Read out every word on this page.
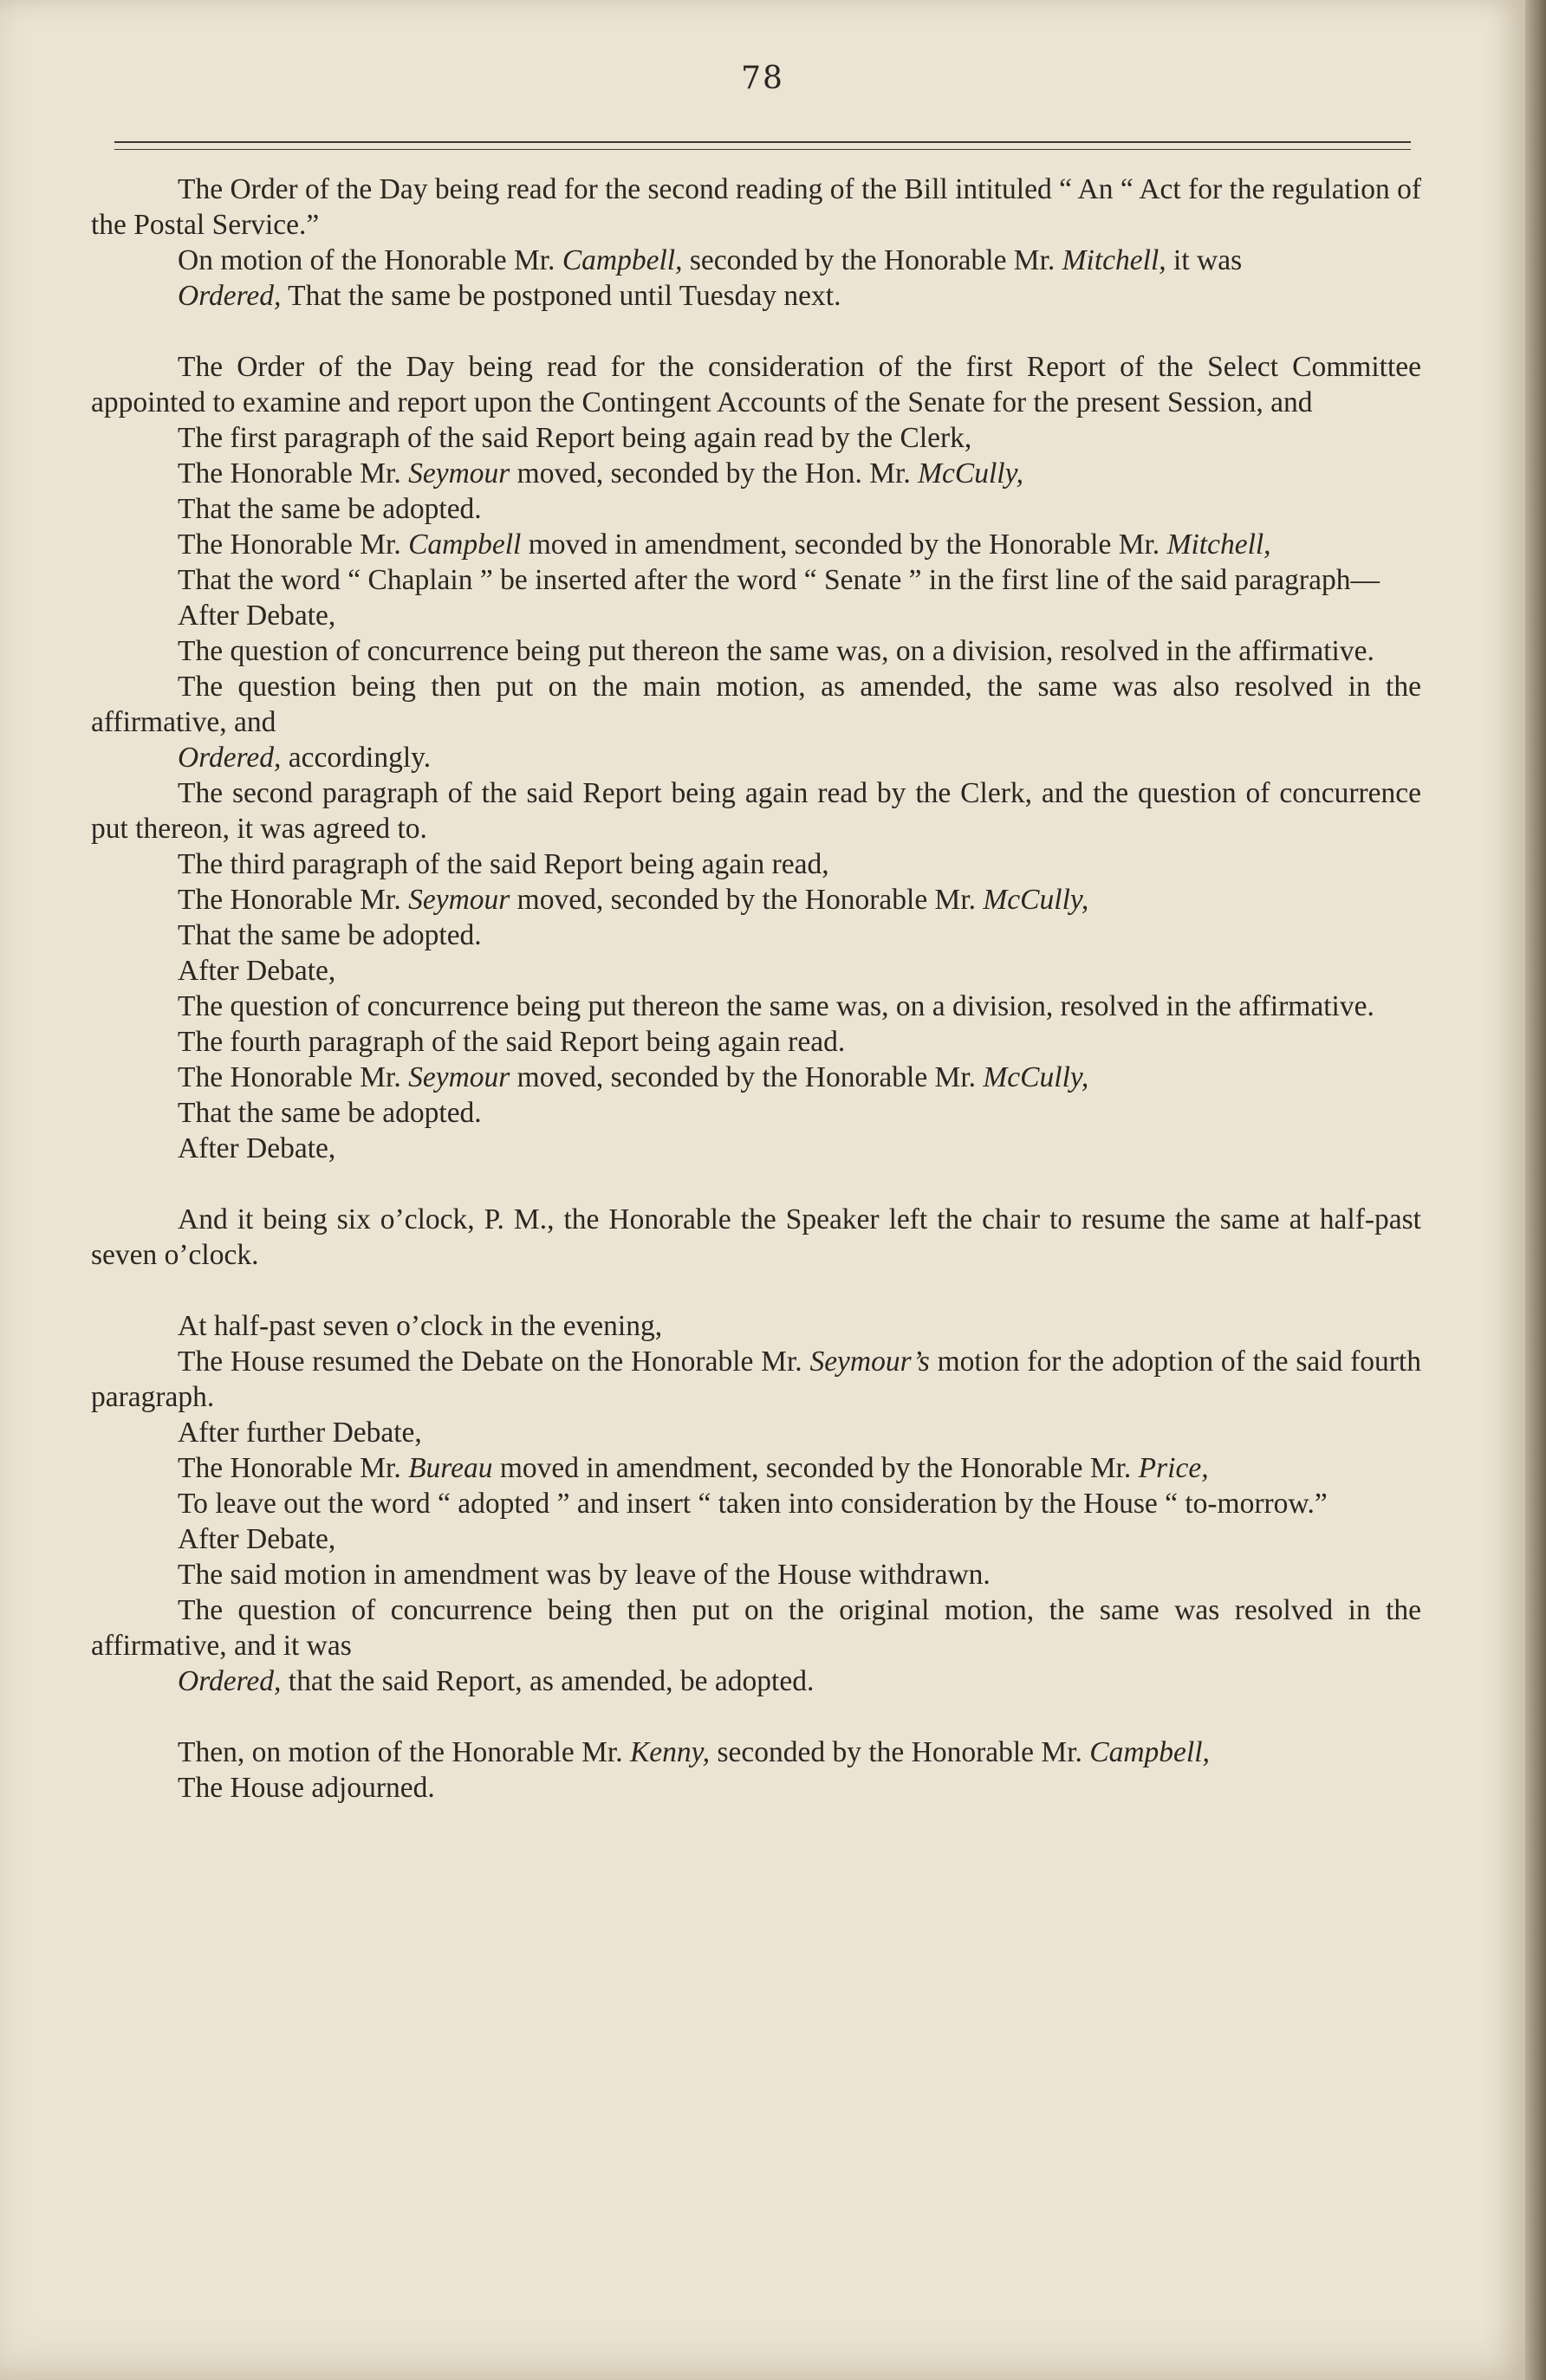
78

The Order of the Day being read for the second reading of the Bill intituled “ An “ Act for the regulation of the Postal Service.”

On motion of the Honorable Mr. Campbell, seconded by the Honorable Mr. Mitchell, it was

Ordered, That the same be postponed until Tuesday next.

The Order of the Day being read for the consideration of the first Report of the Select Committee appointed to examine and report upon the Contingent Accounts of the Senate for the present Session, and

The first paragraph of the said Report being again read by the Clerk,

The Honorable Mr. Seymour moved, seconded by the Hon. Mr. McCully,

That the same be adopted.

The Honorable Mr. Campbell moved in amendment, seconded by the Honorable Mr. Mitchell,

That the word “ Chaplain ” be inserted after the word “ Senate ” in the first line of the said paragraph—

After Debate,

The question of concurrence being put thereon the same was, on a division, resolved in the affirmative.

The question being then put on the main motion, as amended, the same was also resolved in the affirmative, and

Ordered, accordingly.

The second paragraph of the said Report being again read by the Clerk, and the question of concurrence put thereon, it was agreed to.

The third paragraph of the said Report being again read,

The Honorable Mr. Seymour moved, seconded by the Honorable Mr. McCully,

That the same be adopted.

After Debate,

The question of concurrence being put thereon the same was, on a division, resolved in the affirmative.

The fourth paragraph of the said Report being again read.

The Honorable Mr. Seymour moved, seconded by the Honorable Mr. McCully,

That the same be adopted.

After Debate,

And it being six o’clock, P. M., the Honorable the Speaker left the chair to resume the same at half-past seven o’clock.

At half-past seven o’clock in the evening,

The House resumed the Debate on the Honorable Mr. Seymour’s motion for the adoption of the said fourth paragraph.

After further Debate,

The Honorable Mr. Bureau moved in amendment, seconded by the Honorable Mr. Price,

To leave out the word “ adopted ” and insert “ taken into consideration by the House “ to-morrow.”

After Debate,

The said motion in amendment was by leave of the House withdrawn.

The question of concurrence being then put on the original motion, the same was resolved in the affirmative, and it was

Ordered, that the said Report, as amended, be adopted.

Then, on motion of the Honorable Mr. Kenny, seconded by the Honorable Mr. Campbell,

The House adjourned.
